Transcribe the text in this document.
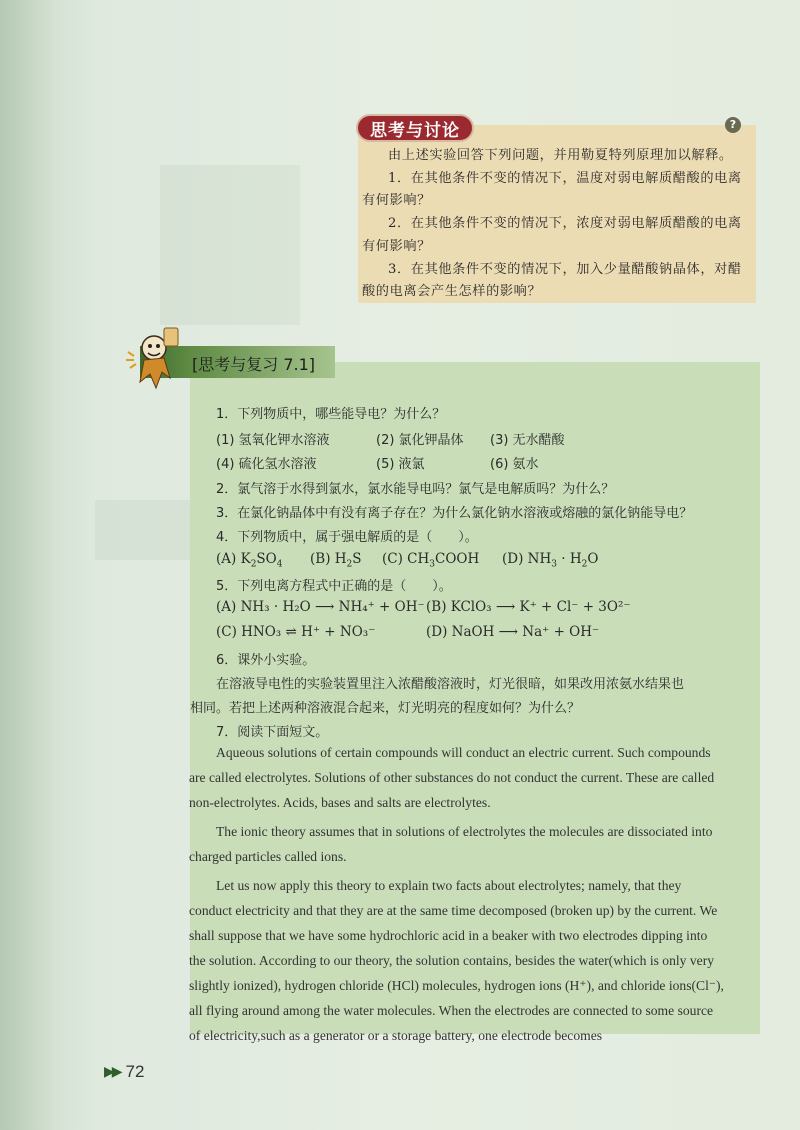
思考与讨论	?

由上述实验回答下列问题，并用勒夏特列原理加以解释。

1．在其他条件不变的情况下，温度对弱电解质醋酸的电离

有何影响？

2．在其他条件不变的情况下，浓度对弱电解质醋酸的电离

有何影响？

3．在其他条件不变的情况下，加入少量醋酸钠晶体，对醋

酸的电离会产生怎样的影响？

[思考与复习 7.1]
1．下列物质中，哪些能导电？为什么？
(1) 氢氧化钾水溶液	(2) 氯化钾晶体 (3) 无水醋酸
(4) 硫化氢水溶液	(5) 液氯	(6) 氨水
2．氯气溶于水得到氯水，氯水能导电吗？氯气是电解质吗？为什么？
3．在氯化钠晶体中有没有离子存在？为什么氯化钠水溶液或熔融的氯化钠能导电？
4．下列物质中，属于强电解质的是（　　）。
(A) $K_2SO_4$ (B) $H_2S$ (C) $CH_3COOH$ (D) $NH_3 \cdot H_2O$
5．下列电离方程式中正确的是（　　）。
(A) NH₃ · H₂O ⟶ NH₄⁺ + OH⁻ (B) KClO₃ ⟶ K⁺ + Cl⁻ + 3O²⁻
(C) HNO₃ ⇌ H⁺ + NO₃⁻	(D) NaOH ⟶ Na⁺ + OH⁻
6．课外小实验。
在溶液导电性的实验装置里注入浓醋酸溶液时，灯光很暗，如果改用浓氨水结果也
相同。若把上述两种溶液混合起来，灯光明亮的程度如何？为什么？
7．阅读下面短文。

Aqueous solutions of certain compounds will conduct an electric current. Such compounds are called electrolytes. Solutions of other substances do not conduct the current. These are called non-electrolytes. Acids, bases and salts are electrolytes.

The ionic theory assumes that in solutions of electrolytes the molecules are dissociated into charged particles called ions.

Let us now apply this theory to explain two facts about electrolytes; namely, that they conduct electricity and that they are at the same time decomposed (broken up) by the current. We shall suppose that we have some hydrochloric acid in a beaker with two electrodes dipping into the solution. According to our theory, the solution contains, besides the water(which is only very slightly ionized), hydrogen chloride (HCl) molecules, hydrogen ions (H⁺), and chloride ions(Cl⁻), all flying around among the water molecules. When the electrodes are connected to some source of electricity,such as a generator or a storage battery, one electrode becomes

▶▶ 72
